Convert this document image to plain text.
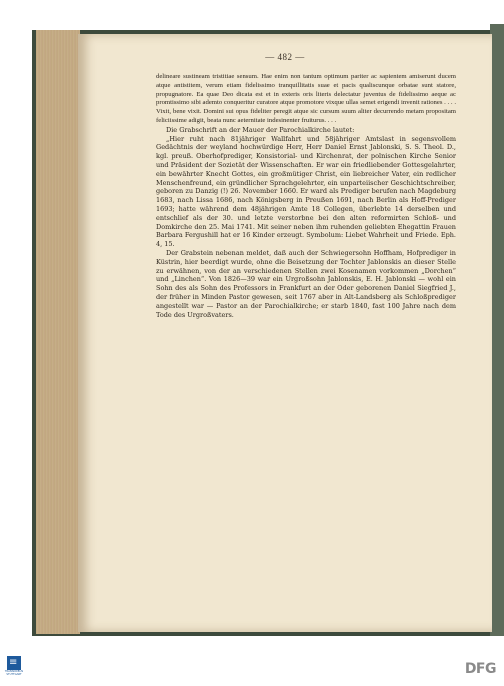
— 482 —

delineare sustineam tristitiae sensum. Hae enim non tantum optimum pariter ac sapientem amiserunt ducem atque antistitem, verum etiam fidelissimo tranquillitatis suae et pacis qualiscunque orbatae sunt statore, propugnatore. Ea quae Deo dicata est et in exteris oris literis delectatur juventus de fidelissimo aeque ac promtissimo sibi ademto conqueritur curatore atque promotore vixque ullas semet erigendi invenit rationes . . . . Vixit, bene vixit. Domini sui opus fideliter peregit atque sic cursum suum aliter decurrendo metam propositam feliciissime adigit, beata nunc aeternitate indesinenter fruiturus. . . .

Die Grabschrift an der Mauer der Parochialkirche lautet:

„Hier ruht nach 81jähriger Wallfahrt und 58jähriger Amtslast in segensvollem Gedächtnis der weyland hochwürdige Herr, Herr Daniel Ernst Jablonski, S. S. Theol. D., kgl. preuß. Oberhofprediger, Konsistorial- und Kirchenrat, der polnischen Kirche Senior und Präsident der Sozietät der Wissenschaften. Er war ein friedliebender Gottesgelahrter, ein bewährter Knecht Gottes, ein großmütiger Christ, ein liebreicher Vater, ein redlicher Menschenfreund, ein gründlicher Sprachgelehrter, ein unparteiischer Geschichtschreiber, geboren zu Danzig (!) 26. November 1660. Er ward als Prediger berufen nach Magdeburg 1683, nach Lissa 1686, nach Königsberg in Preußen 1691, nach Berlin als Hoff-Prediger 1693; hatte während dem 48jährigen Amte 18 Collegen, überlebte 14 derselben und entschlief als der 30. und letzte verstorbne bei den alten reformirten Schloß- und Domkirche den 25. Mai 1741. Mit seiner neben ihm ruhenden geliebten Ehegattin Frauen Barbara Fergushill hat er 16 Kinder erzeugt. Symbolum: Liebet Wahrheit und Friede. Eph. 4, 15.

Der Grabstein nebenan meldet, daß auch der Schwiegersohn Hoffham, Hofprediger in Küstrin, hier beerdigt wurde, ohne die Beisetzung der Tochter Jablonskis an dieser Stelle zu erwähnen, von der an verschiedenen Stellen zwei Kosenamen vorkommen „Dorchen“ und „Linchen“. Von 1826—39 war ein Urgroßsohn Jablonskis, E. H. Jablonski — wohl ein Sohn des als Sohn des Professors in Frankfurt an der Oder geborenen Daniel Siegfried J., der früher in Minden Pastor gewesen, seit 1767 aber in Alt-Landsberg als Schloßprediger angestellt war — Pastor an der Parochialkirche; er starb 1840, fast 100 Jahre nach dem Tode des Urgroßvaters.

≡
TRANSKRIBUS STUTTGART	DFG
